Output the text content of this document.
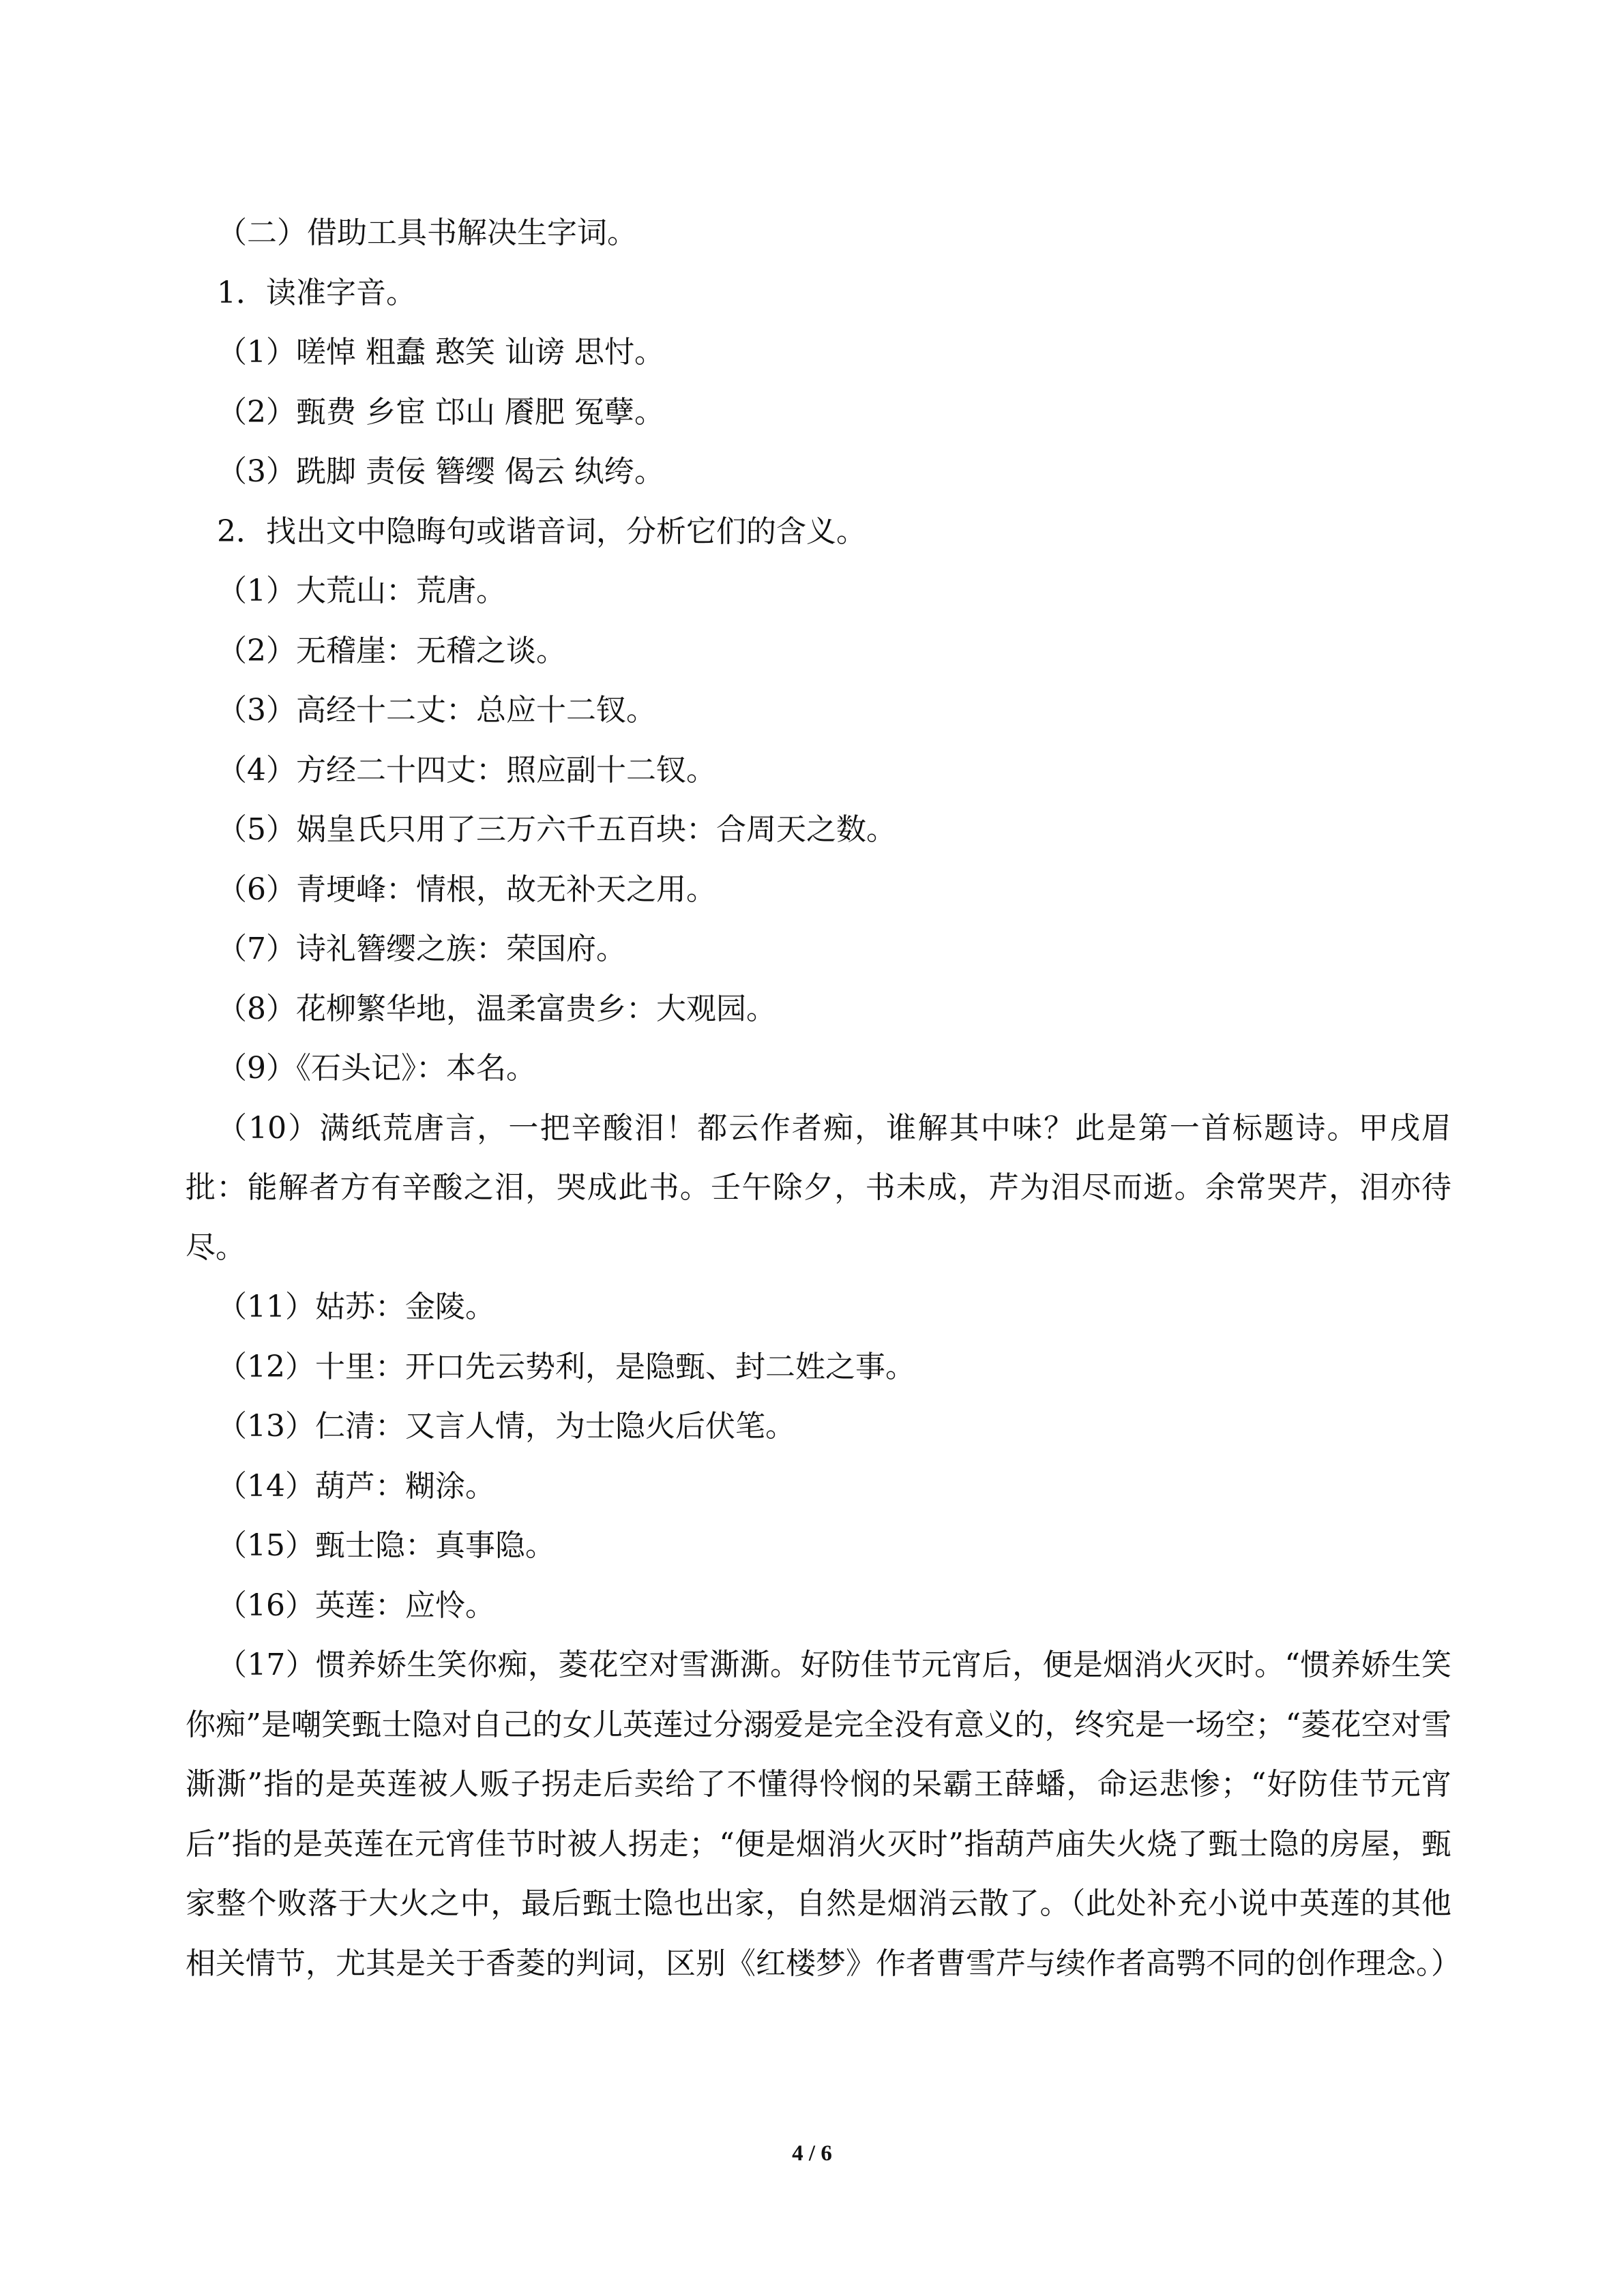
（二）借助工具书解决生字词。
1．读准字音。
（1）嗟悼 粗蠢 憨笑 讪谤 思忖。
（2）甄费 乡宦 邙山 餍肥 冤孽。
（3）跣脚 责佞 簪缨 偈云 纨绔。
2．找出文中隐晦句或谐音词，分析它们的含义。
（1）大荒山：荒唐。
（2）无稽崖：无稽之谈。
（3）高经十二丈：总应十二钗。
（4）方经二十四丈：照应副十二钗。
（5）娲皇氏只用了三万六千五百块：合周天之数。
（6）青埂峰：情根，故无补天之用。
（7）诗礼簪缨之族：荣国府。
（8）花柳繁华地，温柔富贵乡：大观园。
（9）《石头记》：本名。
（10）满纸荒唐言，一把辛酸泪！都云作者痴，谁解其中味？此是第一首标题诗。甲戌眉批：能解者方有辛酸之泪，哭成此书。壬午除夕，书未成，芹为泪尽而逝。余常哭芹，泪亦待尽。
（11）姑苏：金陵。
（12）十里：开口先云势利，是隐甄、封二姓之事。
（13）仁清：又言人情，为士隐火后伏笔。
（14）葫芦：糊涂。
（15）甄士隐：真事隐。
（16）英莲：应怜。
（17）惯养娇生笑你痴，菱花空对雪澌澌。好防佳节元宵后，便是烟消火灭时。“惯养娇生笑你痴”是嘲笑甄士隐对自己的女儿英莲过分溺爱是完全没有意义的，终究是一场空；“菱花空对雪澌澌”指的是英莲被人贩子拐走后卖给了不懂得怜悯的呆霸王薛蟠，命运悲惨；“好防佳节元宵后”指的是英莲在元宵佳节时被人拐走；“便是烟消火灭时”指葫芦庙失火烧了甄士隐的房屋，甄家整个败落于大火之中，最后甄士隐也出家，自然是烟消云散了。（此处补充小说中英莲的其他相关情节，尤其是关于香菱的判词，区别《红楼梦》作者曹雪芹与续作者高鹗不同的创作理念。）
4 / 6
